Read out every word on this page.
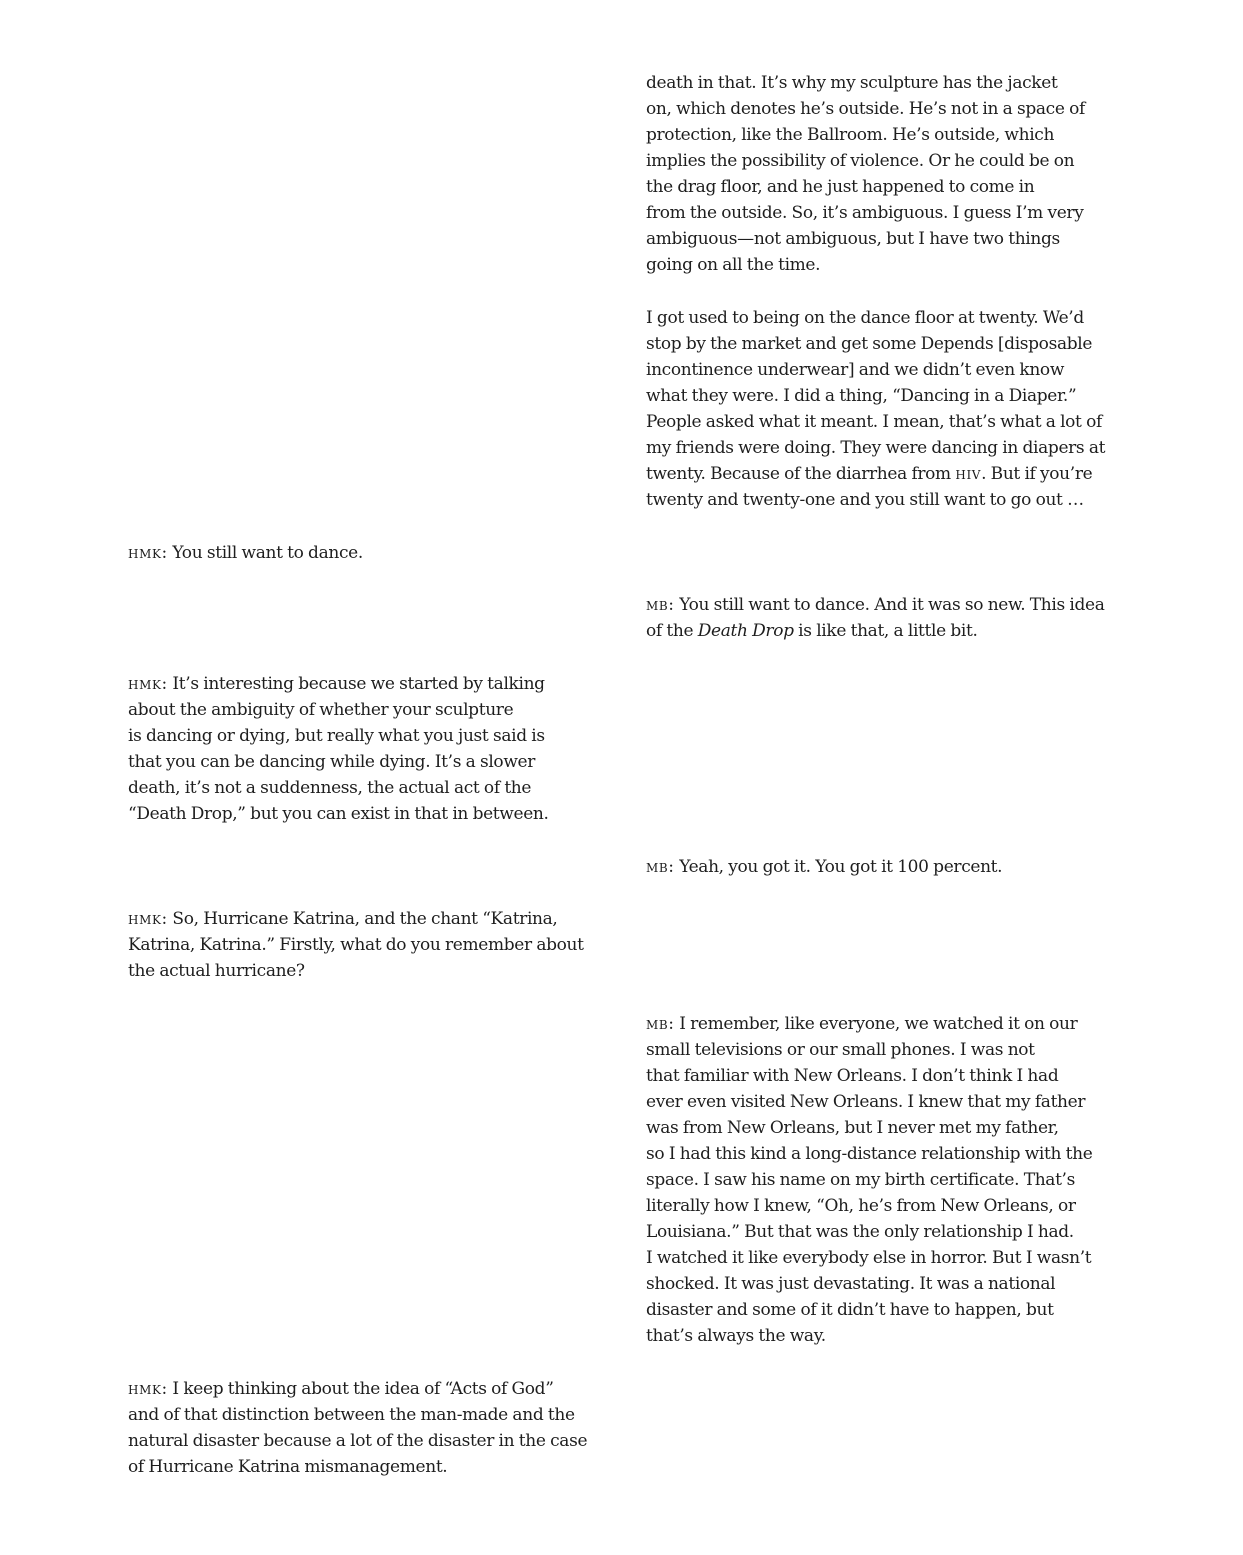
death in that. It’s why my sculpture has the jacket
on, which denotes he’s outside. He’s not in a space of
protection, like the Ballroom. He’s outside, which
implies the possibility of violence. Or he could be on
the drag floor, and he just happened to come in
from the outside. So, it’s ambiguous. I guess I’m very
ambiguous—not ambiguous, but I have two things
going on all the time.
I got used to being on the dance floor at twenty. We’d
stop by the market and get some Depends [disposable
incontinence underwear] and we didn’t even know
what they were. I did a thing, “Dancing in a Diaper.”
People asked what it meant. I mean, that’s what a lot of
my friends were doing. They were dancing in diapers at
twenty. Because of the diarrhea from hiv. But if you’re
twenty and twenty-one and you still want to go out …
hmk: You still want to dance.
mb: You still want to dance. And it was so new. This idea
of the Death Drop is like that, a little bit.
hmk: It’s interesting because we started by talking
about the ambiguity of whether your sculpture
is dancing or dying, but really what you just said is
that you can be dancing while dying. It’s a slower
death, it’s not a suddenness, the actual act of the
“Death Drop,” but you can exist in that in between.
mb: Yeah, you got it. You got it 100 percent.
hmk: So, Hurricane Katrina, and the chant “Katrina,
Katrina, Katrina.” Firstly, what do you remember about
the actual hurricane?
mb: I remember, like everyone, we watched it on our
small televisions or our small phones. I was not
that familiar with New Orleans. I don’t think I had
ever even visited New Orleans. I knew that my father
was from New Orleans, but I never met my father,
so I had this kind a long-distance relationship with the
space. I saw his name on my birth certificate. That’s
literally how I knew, “Oh, he’s from New Orleans, or
Louisiana.” But that was the only relationship I had.
I watched it like everybody else in horror. But I wasn’t
shocked. It was just devastating. It was a national
disaster and some of it didn’t have to happen, but
that’s always the way.
hmk: I keep thinking about the idea of “Acts of God”
and of that distinction between the man-made and the
natural disaster because a lot of the disaster in the case
of Hurricane Katrina mismanagement.
